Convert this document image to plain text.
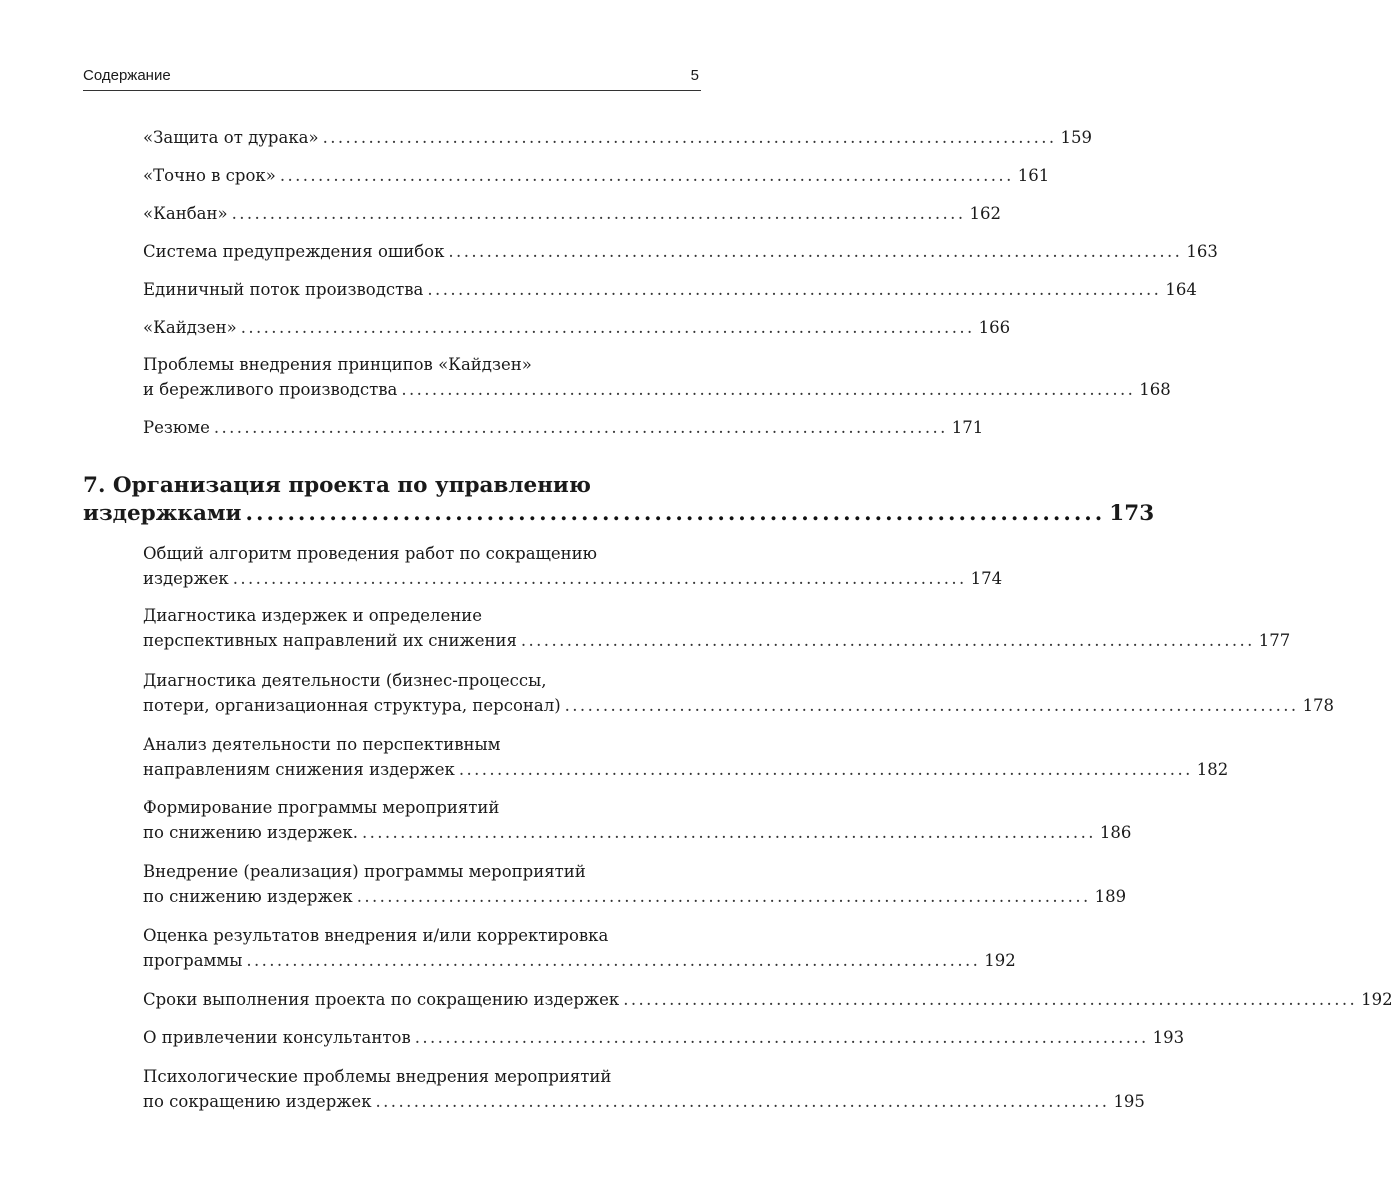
Содержание	5
«Защита от дурака» ................................................................................................ 159
«Точно в срок» ................................................................................................ 161
«Канбан» ................................................................................................ 162
Система предупреждения ошибок ................................................................................................ 163
Единичный поток производства ................................................................................................ 164
«Кайдзен» ................................................................................................ 166
Проблемы внедрения принципов «Кайдзен»
и бережливого производства ................................................................................................ 168
Резюме ................................................................................................ 171
7. Организация проекта по управлению
издержками .................................................................................. 173
Общий алгоритм проведения работ по сокращению
издержек ................................................................................................ 174
Диагностика издержек и определение
перспективных направлений их снижения ................................................................................................ 177
Диагностика деятельности (бизнес-процессы,
потери, организационная структура, персонал) ................................................................................................ 178
Анализ деятельности по перспективным
направлениям снижения издержек ................................................................................................ 182
Формирование программы мероприятий
по снижению издержек. ................................................................................................ 186
Внедрение (реализация) программы мероприятий
по снижению издержек ................................................................................................ 189
Оценка результатов внедрения и/или корректировка
программы ................................................................................................ 192
Сроки выполнения проекта по сокращению издержек ................................................................................................ 192
О привлечении консультантов ................................................................................................ 193
Психологические проблемы внедрения мероприятий
по сокращению издержек ................................................................................................ 195
